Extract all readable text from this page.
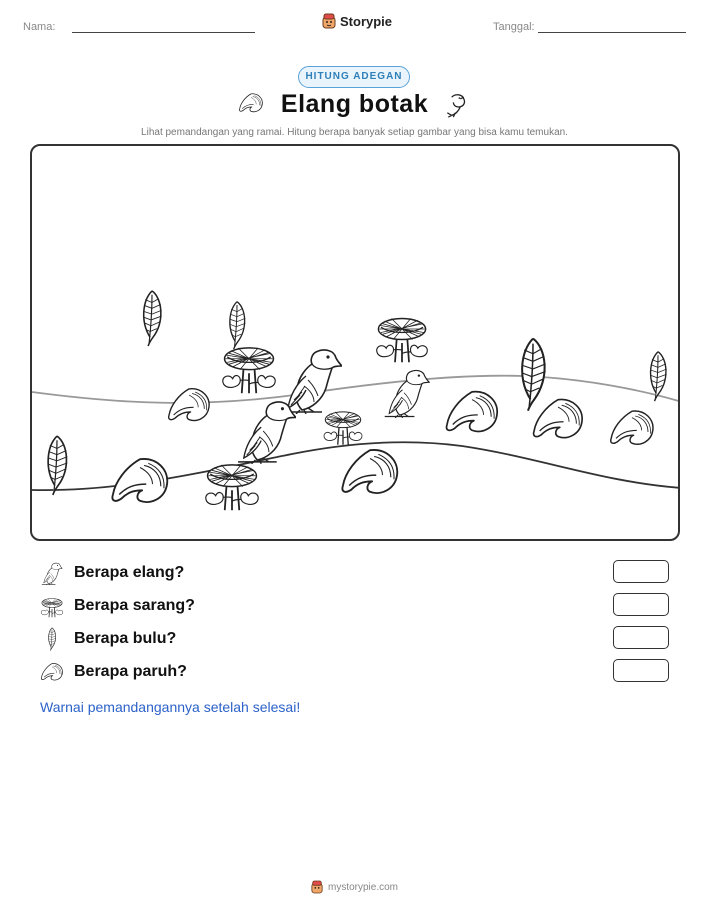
Nama:	Storypie	Tanggal:
HITUNG ADEGAN
Elang botak
Lihat pemandangan yang ramai. Hitung berapa banyak setiap gambar yang bisa kamu temukan.
Berapa elang?
Berapa sarang?
Berapa bulu?
Berapa paruh?
Warnai pemandangannya setelah selesai!
mystorypie.com
